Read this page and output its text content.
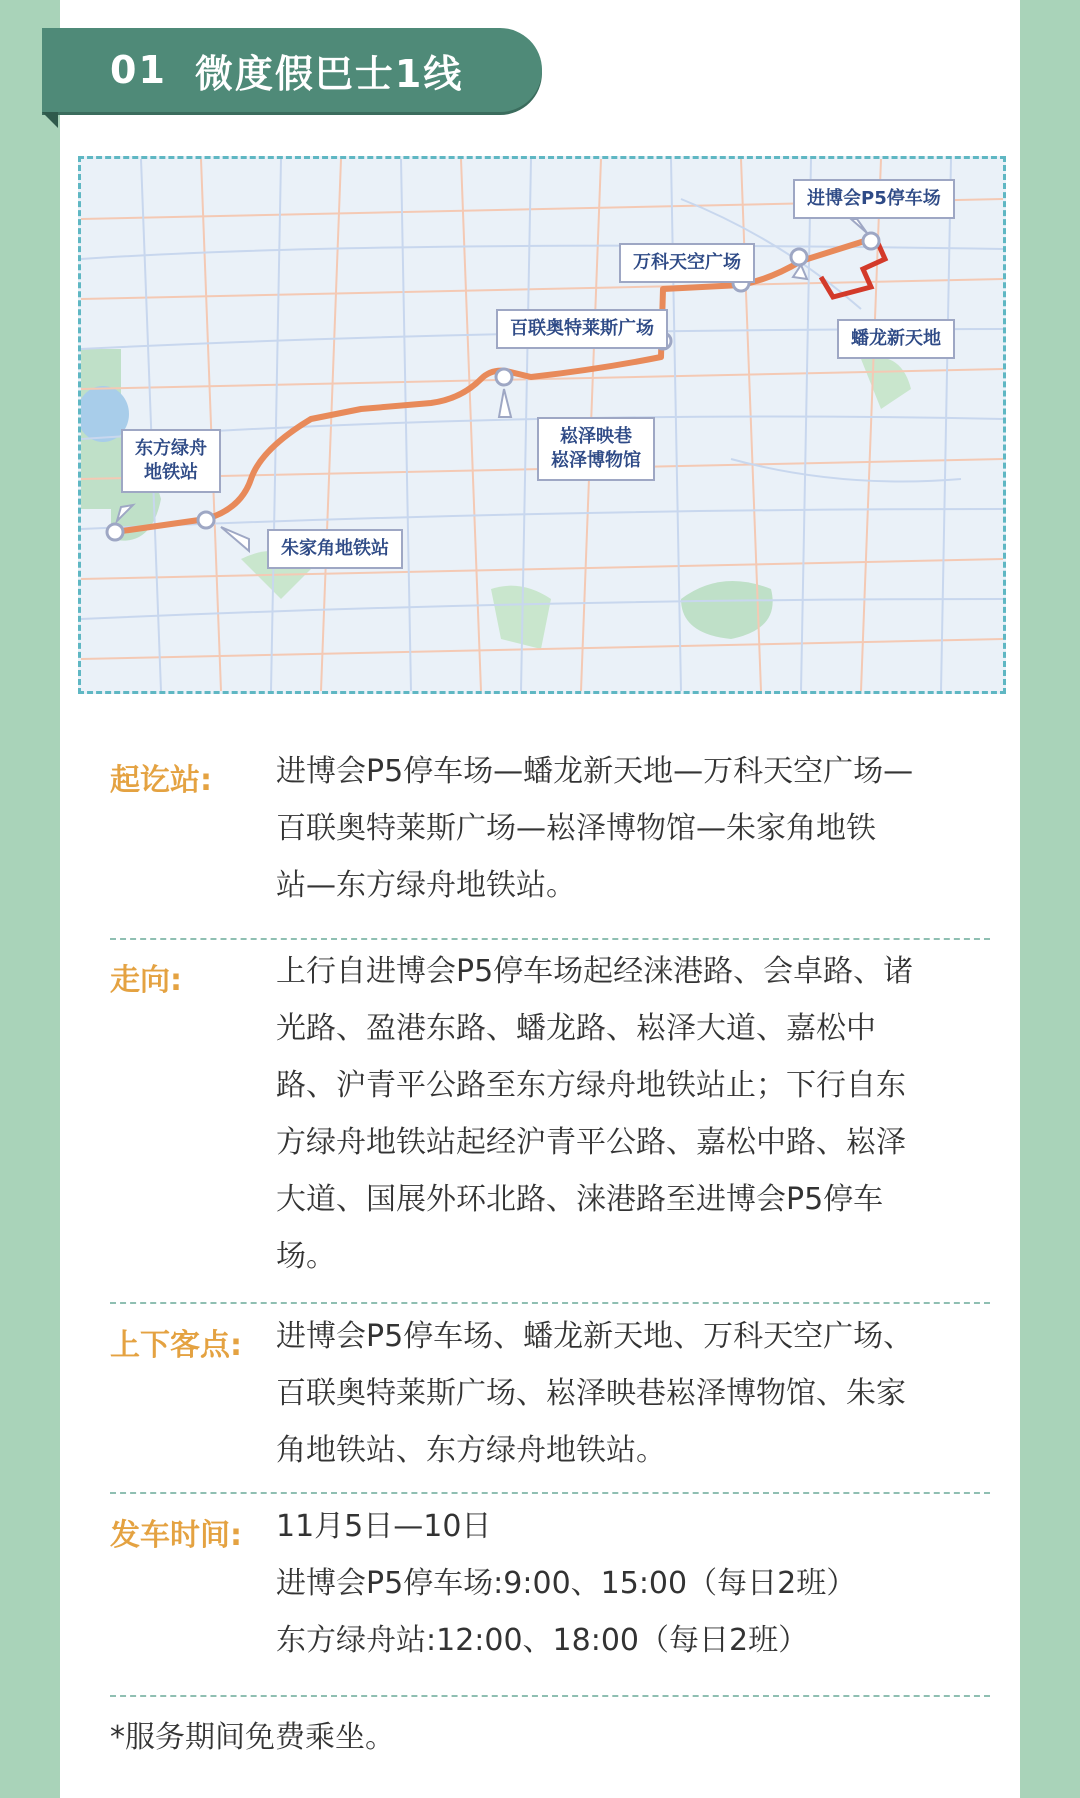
01 微度假巴士1线
进博会P5停车场
万科天空广场
百联奥特莱斯广场	蟠龙新天地
崧泽映巷
崧泽博物馆
东方绿舟
地铁站
朱家角地铁站
起讫站: 进博会P5停车场—蟠龙新天地—万科天空广场—
百联奥特莱斯广场—崧泽博物馆—朱家角地铁
站—东方绿舟地铁站。
走向:	上行自进博会P5停车场起经涞港路、会卓路、诸
光路、盈港东路、蟠龙路、崧泽大道、嘉松中
路、沪青平公路至东方绿舟地铁站止；下行自东
方绿舟地铁站起经沪青平公路、嘉松中路、崧泽
大道、国展外环北路、涞港路至进博会P5停车
场。
上下客点: 进博会P5停车场、蟠龙新天地、万科天空广场、
百联奥特莱斯广场、崧泽映巷崧泽博物馆、朱家
角地铁站、东方绿舟地铁站。
发车时间: 11月5日—10日
进博会P5停车场:9:00、15:00（每日2班）
东方绿舟站:12:00、18:00（每日2班）
*服务期间免费乘坐。
